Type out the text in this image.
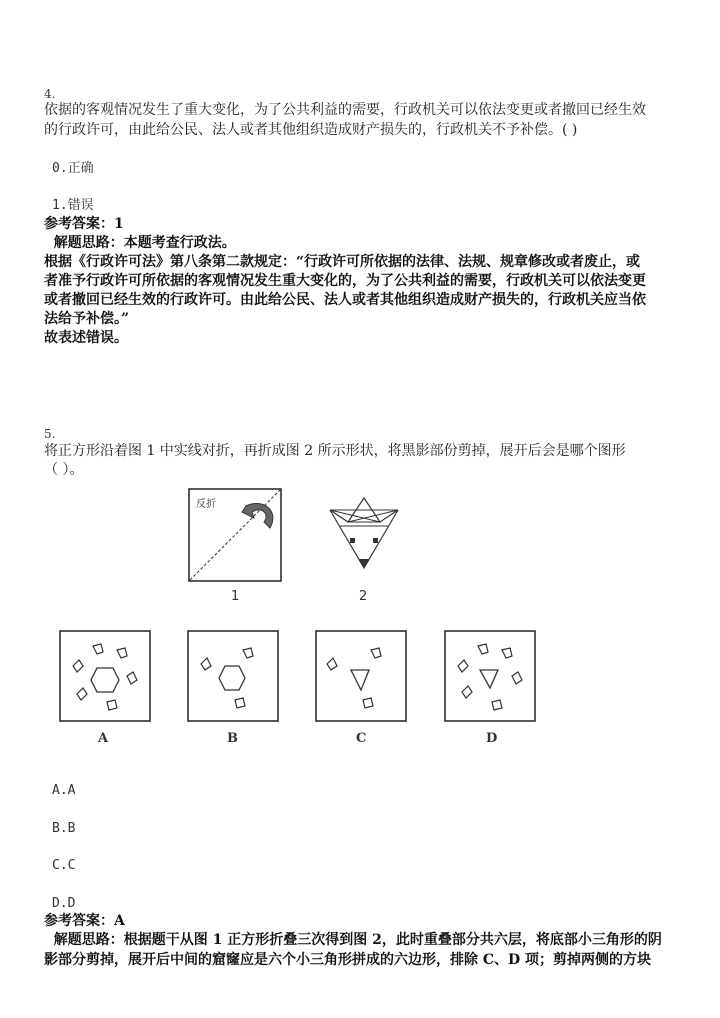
4.
依据的客观情况发生了重大变化，为了公共利益的需要，行政机关可以依法变更或者撤回已经生效
的行政许可，由此给公民、法人或者其他组织造成财产损失的，行政机关不予补偿。( )
0.正确
1.错误
参考答案：1
解题思路：本题考查行政法。
根据《行政许可法》第八条第二款规定：“行政许可所依据的法律、法规、规章修改或者废止，或
者准予行政许可所依据的客观情况发生重大变化的，为了公共利益的需要，行政机关可以依法变更
或者撤回已经生效的行政许可。由此给公民、法人或者其他组织造成财产损失的，行政机关应当依
法给予补偿。”
故表述错误。
5.
将正方形沿着图 1 中实线对折，再折成图 2 所示形状，将黑影部份剪掉，展开后会是哪个图形
（ ）。
反折
1	2
A	B	C	D
A.A
B.B
C.C
D.D
参考答案：A
解题思路：根据题干从图 1 正方形折叠三次得到图 2，此时重叠部分共六层，将底部小三角形的阴
影部分剪掉，展开后中间的窟窿应是六个小三角形拼成的六边形，排除 C、D 项；剪掉两侧的方块
